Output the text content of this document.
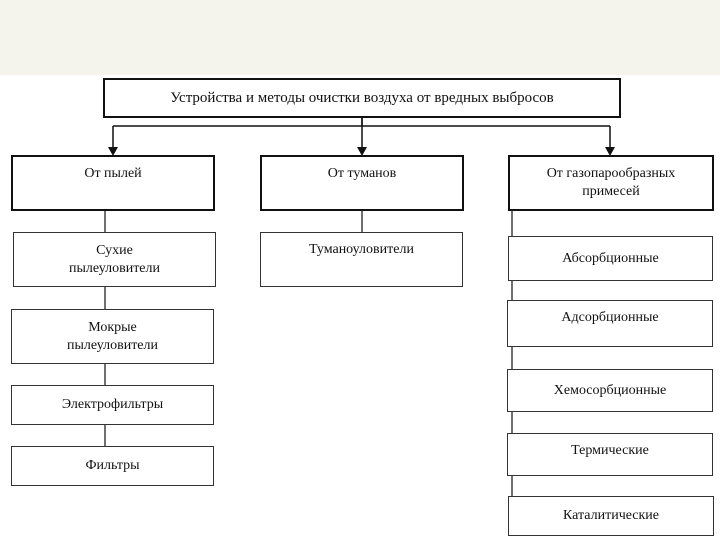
Устройства и методы очистки воздуха от вредных выбросов
От пылей	От туманов	От газопарообразных примесей
Сухие пылеуловители
Мокрые пылеуловители
Электрофильтры
Фильтры
Туманоуловители
Абсорбционные
Адсорбционные
Хемосорбционные
Термические
Каталитические
